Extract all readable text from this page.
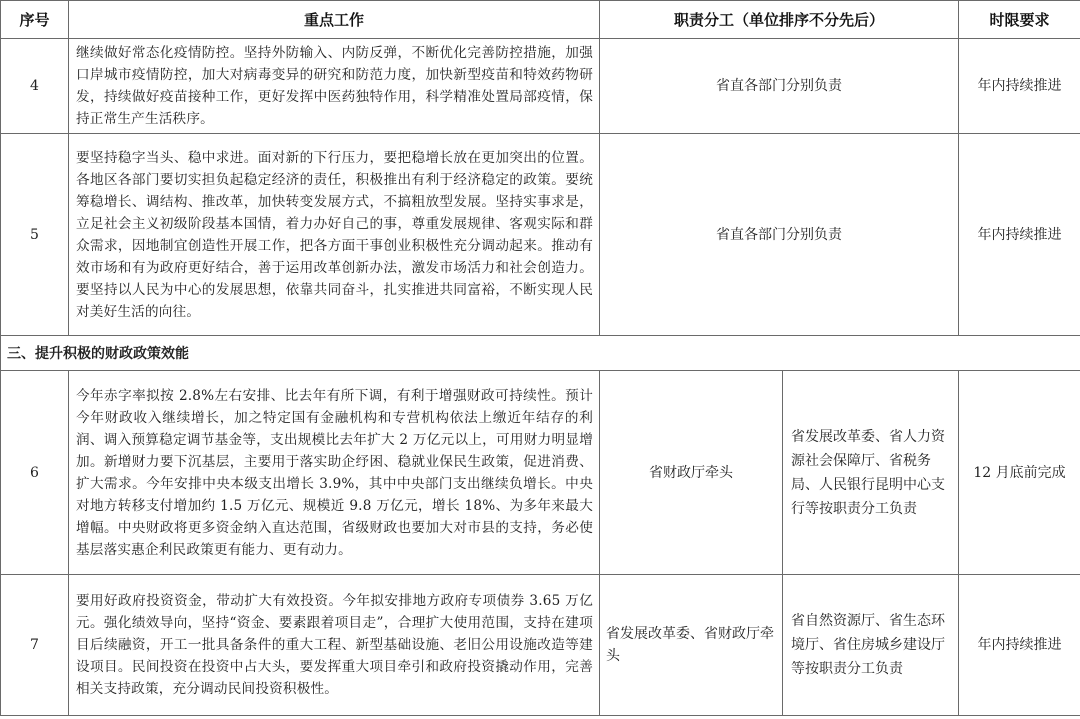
序号	重点工作	职责分工（单位排序不分先后）		时限要求
4	继续做好常态化疫情防控。坚持外防输入、内防反弹，不断优化完善防控措施，加强口岸城市疫情防控，加大对病毒变异的研究和防范力度，加快新型疫苗和特效药物研发，持续做好疫苗接种工作，更好发挥中医药独特作用，科学精准处置局部疫情，保持正常生产生活秩序。	省直各部门分别负责		年内持续推进
5	要坚持稳字当头、稳中求进。面对新的下行压力，要把稳增长放在更加突出的位置。各地区各部门要切实担负起稳定经济的责任，积极推出有利于经济稳定的政策。要统筹稳增长、调结构、推改革，加快转变发展方式，不搞粗放型发展。坚持实事求是，立足社会主义初级阶段基本国情，着力办好自己的事，尊重发展规律、客观实际和群众需求，因地制宜创造性开展工作，把各方面干事创业积极性充分调动起来。推动有效市场和有为政府更好结合，善于运用改革创新办法，激发市场活力和社会创造力。要坚持以人民为中心的发展思想，依靠共同奋斗，扎实推进共同富裕，不断实现人民对美好生活的向往。	省直各部门分别负责		年内持续推进
三、提升积极的财政政策效能				
6	今年赤字率拟按 2.8%左右安排、比去年有所下调，有利于增强财政可持续性。预计今年财政收入继续增长，加之特定国有金融机构和专营机构依法上缴近年结存的利润、调入预算稳定调节基金等，支出规模比去年扩大 2 万亿元以上，可用财力明显增加。新增财力要下沉基层，主要用于落实助企纾困、稳就业保民生政策，促进消费、扩大需求。今年安排中央本级支出增长 3.9%，其中中央部门支出继续负增长。中央对地方转移支付增加约 1.5 万亿元、规模近 9.8 万亿元，增长 18%、为多年来最大增幅。中央财政将更多资金纳入直达范围，省级财政也要加大对市县的支持，务必使基层落实惠企利民政策更有能力、更有动力。	省财政厅牵头	省发展改革委、省人力资源社会保障厅、省税务局、人民银行昆明中心支行等按职责分工负责	12 月底前完成
7	要用好政府投资资金，带动扩大有效投资。今年拟安排地方政府专项债券 3.65 万亿元。强化绩效导向，坚持“资金、要素跟着项目走”，合理扩大使用范围，支持在建项目后续融资，开工一批具备条件的重大工程、新型基础设施、老旧公用设施改造等建设项目。民间投资在投资中占大头，要发挥重大项目牵引和政府投资撬动作用，完善相关支持政策，充分调动民间投资积极性。	省发展改革委、省财政厅牵头	省自然资源厅、省生态环境厅、省住房城乡建设厅等按职责分工负责	年内持续推进
